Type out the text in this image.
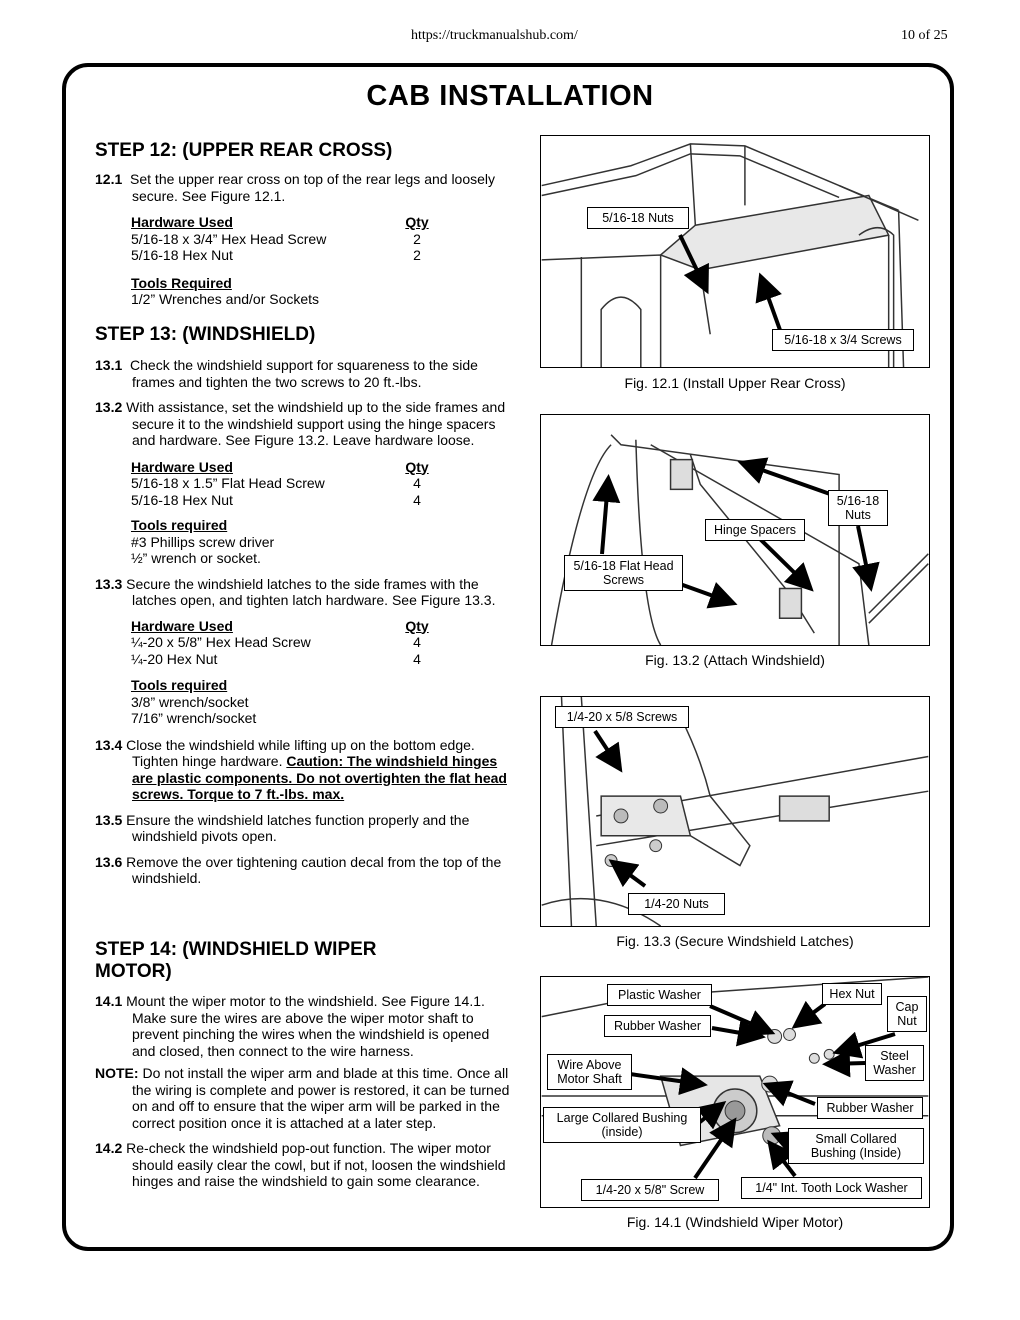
https://truckmanualshub.com/	10 of 25
CAB INSTALLATION
STEP 12: (UPPER REAR CROSS)

12.1 Set the upper rear cross on top of the rear legs and loosely secure. See Figure 12.1.

Hardware Used	Qty
5/16-18 x 3/4” Hex Head Screw	2
5/16-18 Hex Nut	2
Tools Required
1/2” Wrenches and/or Sockets
STEP 13: (WINDSHIELD)

13.1 Check the windshield support for squareness to the side frames and tighten the two screws to 20 ft.-lbs.

13.2 With assistance, set the windshield up to the side frames and secure it to the windshield support using the hinge spacers and hardware. See Figure 13.2. Leave hardware loose.

Hardware Used	Qty
5/16-18 x 1.5” Flat Head Screw	4
5/16-18 Hex Nut	4
Tools required
#3 Phillips screw driver
½” wrench or socket.

13.3 Secure the windshield latches to the side frames with the latches open, and tighten latch hardware. See Figure 13.3.

Hardware Used	Qty
¼-20 x 5/8” Hex Head Screw	4
¼-20 Hex Nut	4
Tools required
3/8” wrench/socket
7/16” wrench/socket

13.4 Close the windshield while lifting up on the bottom edge. Tighten hinge hardware. Caution: The windshield hinges are plastic components. Do not overtighten the flat head screws. Torque to 7 ft.-lbs. max.

13.5 Ensure the windshield latches function properly and the windshield pivots open.

13.6 Remove the over tightening caution decal from the top of the windshield.

STEP 14: (WINDSHIELD WIPER MOTOR)

14.1 Mount the wiper motor to the windshield. See Figure 14.1. Make sure the wires are above the wiper motor shaft to prevent pinching the wires when the windshield is opened and closed, then connect to the wire harness.

NOTE: Do not install the wiper arm and blade at this time. Once all the wiring is complete and power is restored, it can be turned on and off to ensure that the wiper arm will be parked in the correct position once it is attached at a later step.

14.2 Re-check the windshield pop-out function. The wiper motor should easily clear the cowl, but if not, loosen the windshield hinges and raise the windshield to gain some clearance.

5/16-18 Nuts
5/16-18 x 3/4 Screws
Fig. 12.1 (Install Upper Rear Cross)
5/16-18 Flat Head Screws
Hinge Spacers
5/16-18 Nuts
Fig. 13.2 (Attach Windshield)
1/4-20 x 5/8 Screws
1/4-20 Nuts
Fig. 13.3 (Secure Windshield Latches)
Plastic Washer	Hex Nut
Cap Nut
Rubber Washer
Steel Washer
Wire Above Motor Shaft
Rubber Washer
Large Collared Bushing (inside)	Small Collared Bushing (Inside)
1/4-20 x 5/8" Screw	1/4" Int. Tooth Lock Washer
Fig. 14.1 (Windshield Wiper Motor)
